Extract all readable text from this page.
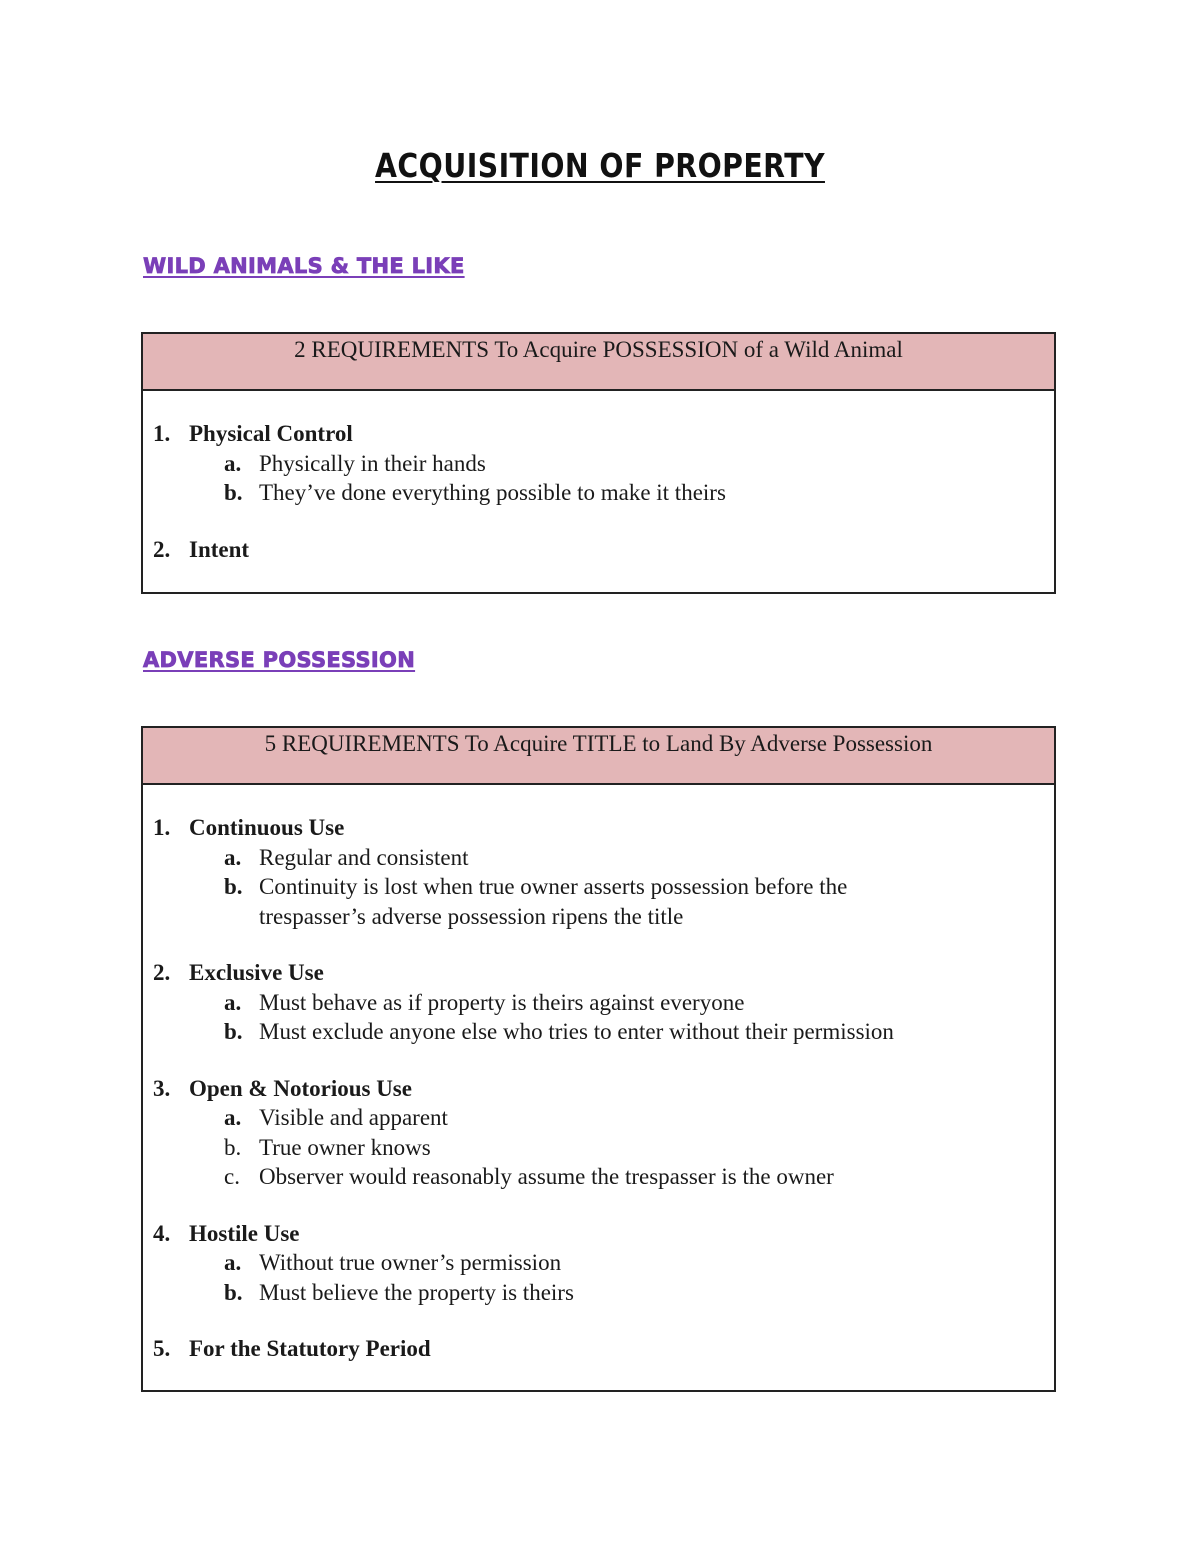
ACQUISITION OF PROPERTY
WILD ANIMALS & THE LIKE
2 REQUIREMENTS To Acquire POSSESSION of a Wild Animal
1. Physical Control
a. Physically in their hands
b. They’ve done everything possible to make it theirs
2. Intent
ADVERSE POSSESSION
5 REQUIREMENTS To Acquire TITLE to Land By Adverse Possession
1. Continuous Use
a. Regular and consistent
b. Continuity is lost when true owner asserts possession before the trespasser’s adverse possession ripens the title
2. Exclusive Use
a. Must behave as if property is theirs against everyone
b. Must exclude anyone else who tries to enter without their permission
3. Open & Notorious Use
a. Visible and apparent
b. True owner knows
c. Observer would reasonably assume the trespasser is the owner
4. Hostile Use
a. Without true owner’s permission
b. Must believe the property is theirs
5. For the Statutory Period
